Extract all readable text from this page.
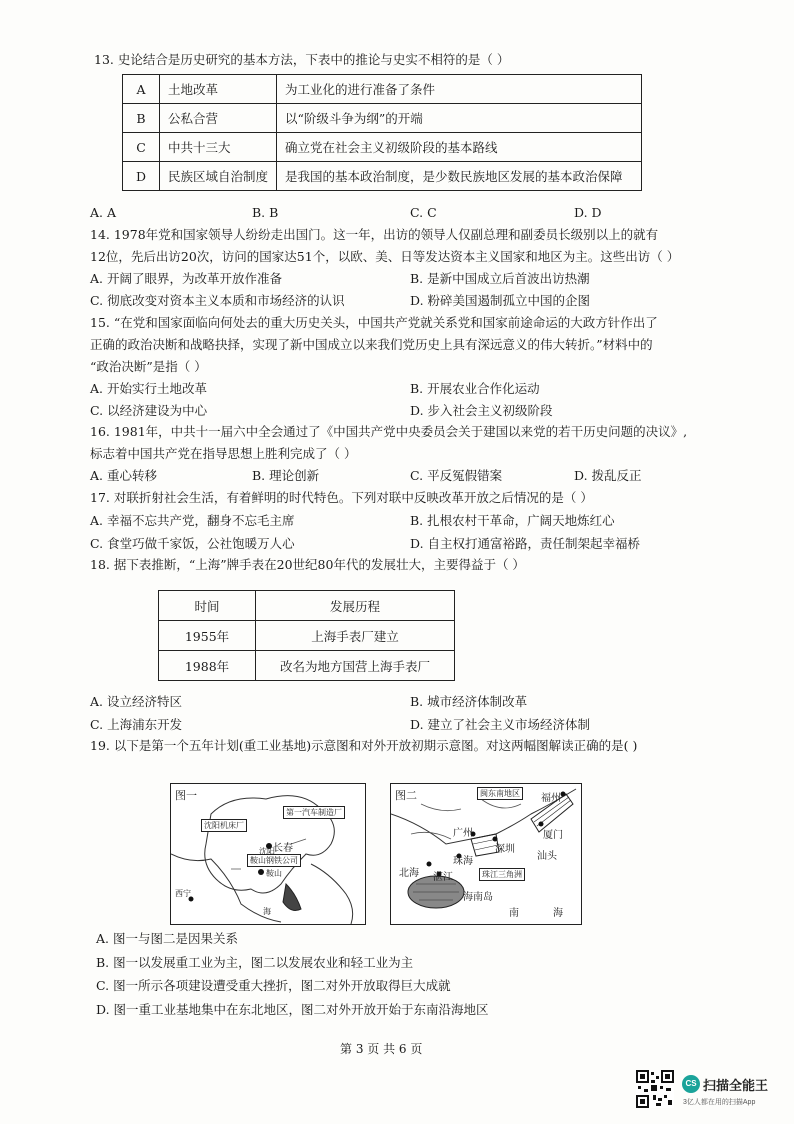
13. 史论结合是历史研究的基本方法，下表中的推论与史实不相符的是（ ）
A	土地改革	为工业化的进行准备了条件
B	公私合营	以“阶级斗争为纲”的开端
C	中共十三大	确立党在社会主义初级阶段的基本路线
D	民族区域自治制度	是我国的基本政治制度，是少数民族地区发展的基本政治保障
A. A	B. B	C. C	D. D
14. 1978年党和国家领导人纷纷走出国门。这一年，出访的领导人仅副总理和副委员长级别以上的就有
12位，先后出访20次，访问的国家达51个，以欧、美、日等发达资本主义国家和地区为主。这些出访（ ）
A. 开阔了眼界，为改革开放作准备	B. 是新中国成立后首波出访热潮
C. 彻底改变对资本主义本质和市场经济的认识	D. 粉碎美国遏制孤立中国的企图
15. “在党和国家面临向何处去的重大历史关头，中国共产党就关系党和国家前途命运的大政方针作出了
正确的政治决断和战略抉择，实现了新中国成立以来我们党历史上具有深远意义的伟大转折。”材料中的
“政治决断”是指（ ）
A. 开始实行土地改革	B. 开展农业合作化运动
C. 以经济建设为中心	D. 步入社会主义初级阶段
16. 1981年，中共十一届六中全会通过了《中国共产党中央委员会关于建国以来党的若干历史问题的决议》,
标志着中国共产党在指导思想上胜利完成了（ ）
A. 重心转移	B. 理论创新	C. 平反冤假错案	D. 拨乱反正
17. 对联折射社会生活，有着鲜明的时代特色。下列对联中反映改革开放之后情况的是（ ）
A. 幸福不忘共产党，翻身不忘毛主席	B. 扎根农村干革命，广阔天地炼红心
C. 食堂巧做千家饭，公社饱暖万人心	D. 自主权打通富裕路，责任制架起幸福桥
18. 据下表推断，“上海”牌手表在20世纪80年代的发展壮大，主要得益于（ ）
时间	发展历程
1955年	上海手表厂建立
1988年	改名为地方国营上海手表厂
A. 设立经济特区	B. 城市经济体制改革
C. 上海浦东开发	D. 建立了社会主义市场经济体制
19. 以下是第一个五年计划(重工业基地)示意图和对外开放初期示意图。对这两幅图解读正确的是( )
图一
沈阳机床厂
第一汽车制造厂
鞍山钢铁公司
长春
沈阳
鞍山
西宁
海
图二	闽东南地区	福州
厦门
汕头
广州
深圳
珠海
北海 湛江
海南岛
珠江三角洲
南	海
A. 图一与图二是因果关系
B. 图一以发展重工业为主，图二以发展农业和轻工业为主
C. 图一所示各项建设遭受重大挫折，图二对外开放取得巨大成就
D. 图一重工业基地集中在东北地区，图二对外开放开始于东南沿海地区
第 3 页 共 6 页
CS 扫描全能王
3亿人都在用的扫描App
